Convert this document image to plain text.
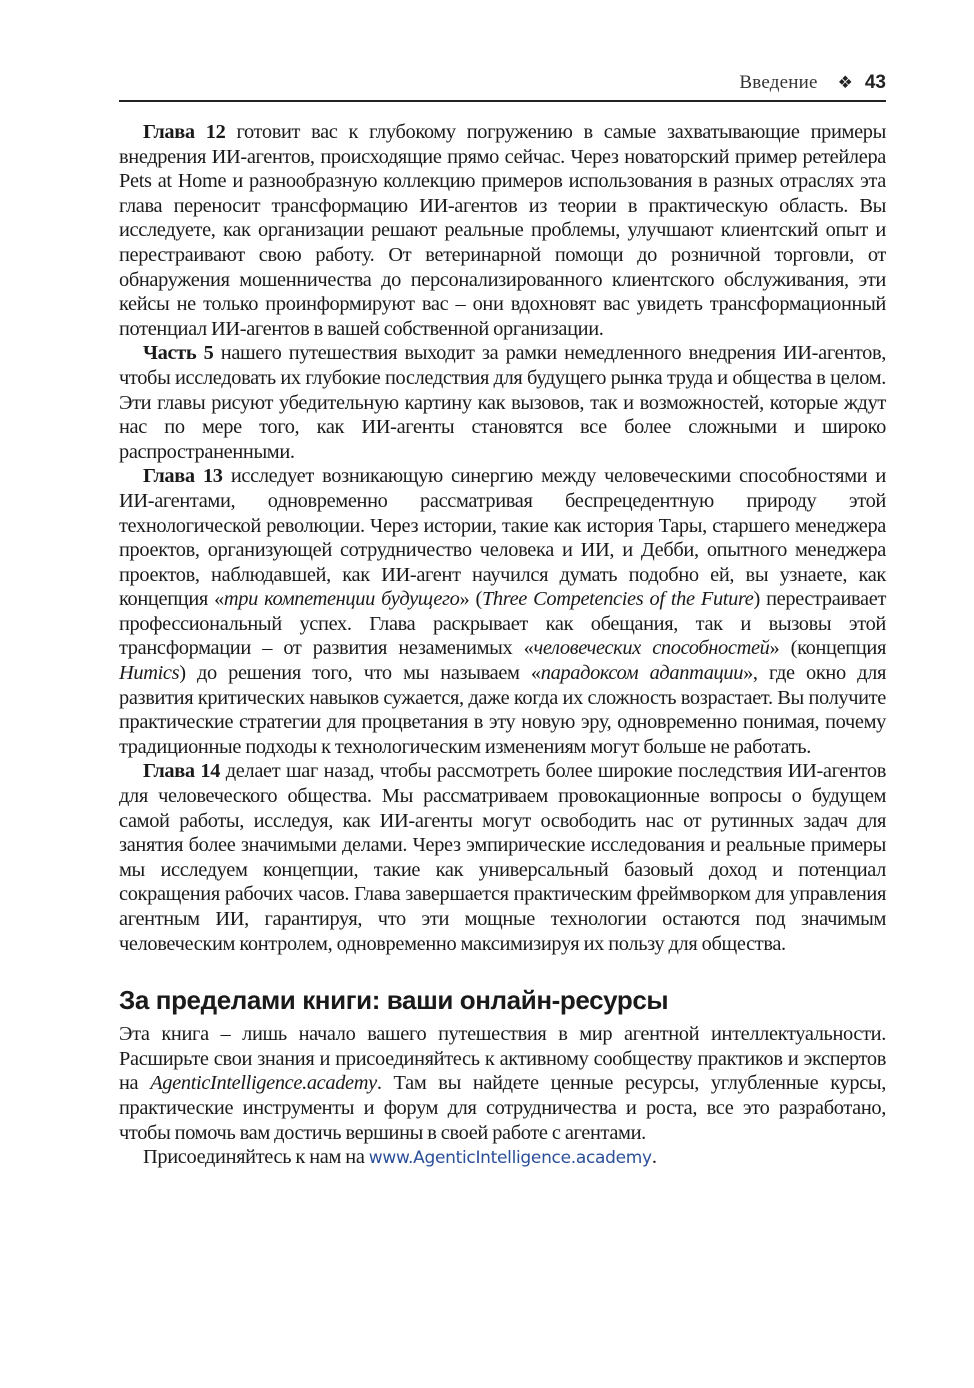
Введение ❖ 43

Глава 12 готовит вас к глубокому погружению в самые захватывающие примеры внедрения ИИ-агентов, происходящие прямо сейчас. Через новаторский пример ретейлера Pets at Home и разнообразную коллекцию примеров использования в разных отраслях эта глава переносит трансформацию ИИ-агентов из теории в практическую область. Вы исследуете, как организации решают реальные проблемы, улучшают клиентский опыт и перестраивают свою работу. От ветеринарной помощи до розничной торговли, от обнаружения мошенничества до персонализированного клиентского обслуживания, эти кейсы не только проинформируют вас – они вдохновят вас увидеть трансформационный потенциал ИИ-агентов в вашей собственной организации.

Часть 5 нашего путешествия выходит за рамки немедленного внедрения ИИ-агентов, чтобы исследовать их глубокие последствия для будущего рынка труда и общества в целом. Эти главы рисуют убедительную картину как вызовов, так и возможностей, которые ждут нас по мере того, как ИИ-агенты становятся все более сложными и широко распространенными.

Глава 13 исследует возникающую синергию между человеческими способностями и ИИ-агентами, одновременно рассматривая беспрецедентную природу этой технологической революции. Через истории, такие как история Тары, старшего менеджера проектов, организующей сотрудничество человека и ИИ, и Дебби, опытного менеджера проектов, наблюдавшей, как ИИ-агент научился думать подобно ей, вы узнаете, как концепция «три компетенции будущего» (Three Competencies of the Future) перестраивает профессиональный успех. Глава раскрывает как обещания, так и вызовы этой трансформации – от развития незаменимых «человеческих способностей» (концепция Humics) до решения того, что мы называем «парадоксом адаптации», где окно для развития критических навыков сужается, даже когда их сложность возрастает. Вы получите практические стратегии для процветания в эту новую эру, одновременно понимая, почему традиционные подходы к технологическим изменениям могут больше не работать.

Глава 14 делает шаг назад, чтобы рассмотреть более широкие последствия ИИ-агентов для человеческого общества. Мы рассматриваем провокационные вопросы о будущем самой работы, исследуя, как ИИ-агенты могут освободить нас от рутинных задач для занятия более значимыми делами. Через эмпирические исследования и реальные примеры мы исследуем концепции, такие как универсальный базовый доход и потенциал сокращения рабочих часов. Глава завершается практическим фреймворком для управления агентным ИИ, гарантируя, что эти мощные технологии остаются под значимым человеческим контролем, одновременно максимизируя их пользу для общества.

За пределами книги: ваши онлайн-ресурсы

Эта книга – лишь начало вашего путешествия в мир агентной интеллектуальности. Расширьте свои знания и присоединяйтесь к активному сообществу практиков и экспертов на AgenticIntelligence.academy. Там вы найдете ценные ресурсы, углубленные курсы, практические инструменты и форум для сотрудничества и роста, все это разработано, чтобы помочь вам достичь вершины в своей работе с агентами.

Присоединяйтесь к нам на www.AgenticIntelligence.academy.
